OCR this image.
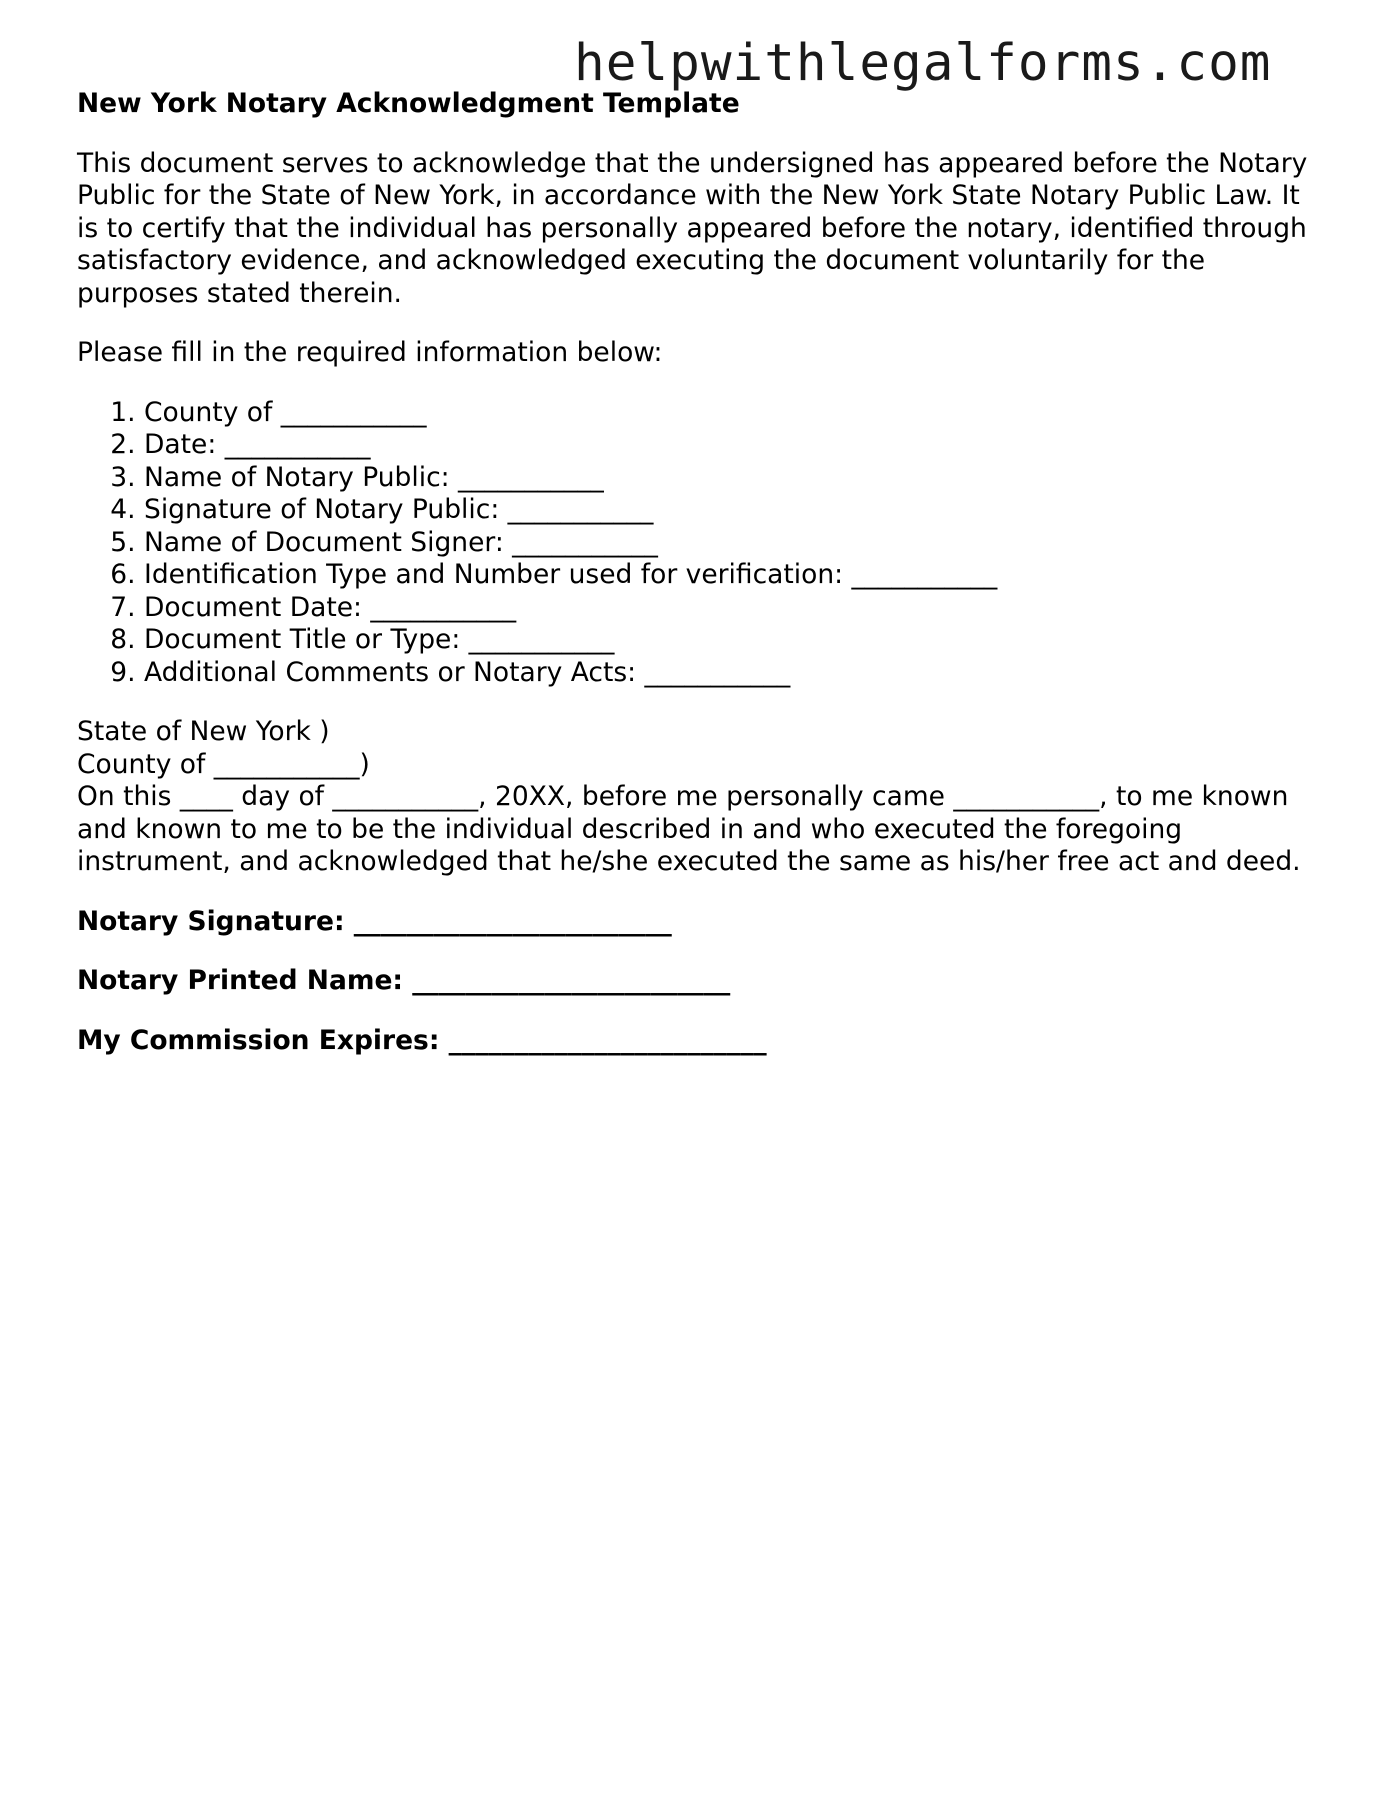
helpwithlegalforms.com
New York Notary Acknowledgment Template
This document serves to acknowledge that the undersigned has appeared before the Notary Public for the State of New York, in accordance with the New York State Notary Public Law. It is to certify that the individual has personally appeared before the notary, identified through satisfactory evidence, and acknowledged executing the document voluntarily for the purposes stated therein.
Please fill in the required information below:
1. County of ___________
2. Date: ___________
3. Name of Notary Public: ___________
4. Signature of Notary Public: ___________
5. Name of Document Signer: ___________
6. Identification Type and Number used for verification: ___________
7. Document Date: ___________
8. Document Title or Type: ___________
9. Additional Comments or Notary Acts: ___________
State of New York )
County of ___________)
On this ____ day of ___________, 20XX, before me personally came ___________, to me known and known to me to be the individual described in and who executed the foregoing instrument, and acknowledged that he/she executed the same as his/her free act and deed.
Notary Signature: ________________________
Notary Printed Name: ________________________
My Commission Expires: ________________________
